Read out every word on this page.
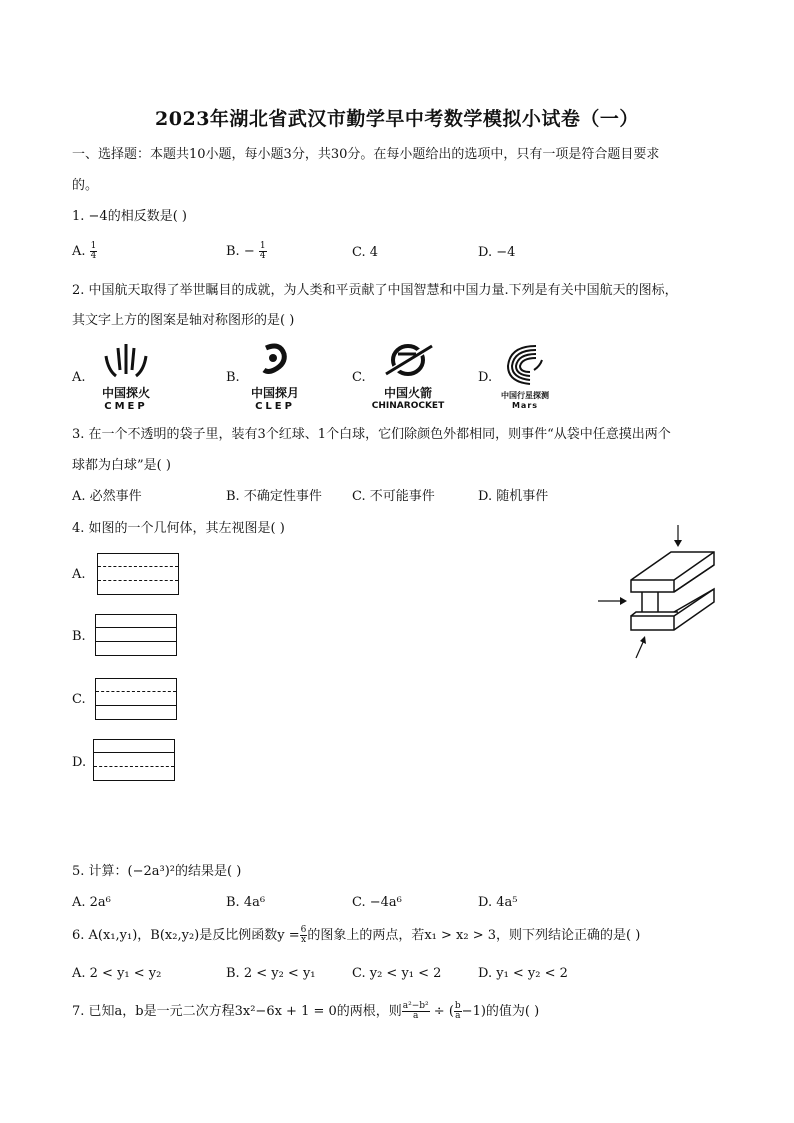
2023年湖北省武汉市勤学早中考数学模拟小试卷（一）
一、选择题：本题共10小题，每小题3分，共30分。在每小题给出的选项中，只有一项是符合题目要求
的。
1. −4的相反数是( )
A. $\frac{1}{4}$	B. − $\frac{1}{4}$	C. 4	D. −4
2. 中国航天取得了举世瞩目的成就，为人类和平贡献了中国智慧和中国力量.下列是有关中国航天的图标，
其文字上方的图案是轴对称图形的是( )
A.
中国探火
CMEP
B.
中国探月
CLEP
C.
中国火箭
CHINAROCKET
D.
中国行星探测
Mars
3. 在一个不透明的袋子里，装有3个红球、1个白球，它们除颜色外都相同，则事件“从袋中任意摸出两个
球都为白球”是( )
A. 必然事件	B. 不确定性事件 C. 不可能事件	D. 随机事件
4. 如图的一个几何体，其左视图是( )
A.
B.
C.
D.
5. 计算：(−2a³)²的结果是( )
A. 2a⁶	B. 4a⁶	C. −4a⁶	D. 4a⁵
6. A(x₁,y₁)，B(x₂,y₂)是反比例函数$y = \frac{6}{x}$ 的图象上的两点，若x₁ > x₂ > 3，则下列结论正确的是( )
A. 2 < y₁ < y₂	B. 2 < y₂ < y₁	C. y₂ < y₁ < 2	D. y₁ < y₂ < 2
7. 已知a，b是一元二次方程3x²−6x + 1 = 0的两根，则 $\frac{\text{a²−b²}}{a}$ ÷ ( $\frac{b}{a} -1$)的值为( )
